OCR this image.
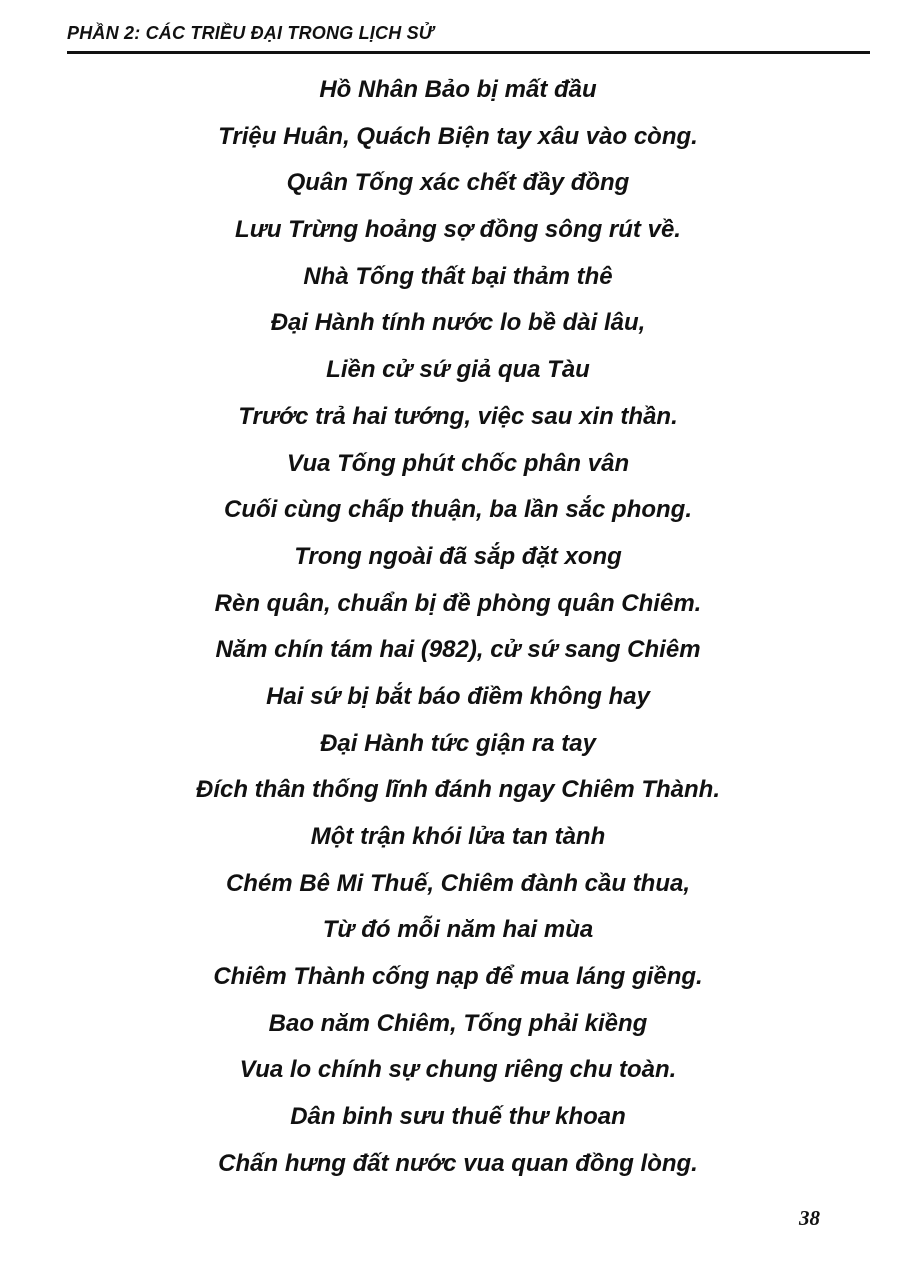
PHẦN 2: CÁC TRIỀU ĐẠI TRONG LỊCH SỬ
Hồ Nhân Bảo bị mất đầu
Triệu Huân, Quách Biện tay xâu vào còng.
Quân Tống xác chết đầy đồng
Lưu Trừng hoảng sợ đồng sông rút về.
Nhà Tống thất bại thảm thê
Đại Hành tính nước lo bề dài lâu,
Liền cử sứ giả qua Tàu
Trước trả hai tướng, việc sau xin thần.
Vua Tống phút chốc phân vân
Cuối cùng chấp thuận, ba lần sắc phong.
Trong ngoài đã sắp đặt xong
Rèn quân, chuẩn bị đề phòng quân Chiêm.
Năm chín tám hai (982), cử sứ sang Chiêm
Hai sứ bị bắt báo điềm không hay
Đại Hành tức giận ra tay
Đích thân thống lĩnh đánh ngay Chiêm Thành.
Một trận khói lửa tan tành
Chém Bê Mi Thuế, Chiêm đành cầu thua,
Từ đó mỗi năm hai mùa
Chiêm Thành cống nạp để mua láng giềng.
Bao năm Chiêm, Tống phải kiềng
Vua lo chính sự chung riêng chu toàn.
Dân binh sưu thuế thư khoan
Chấn hưng đất nước vua quan đồng lòng.
38
